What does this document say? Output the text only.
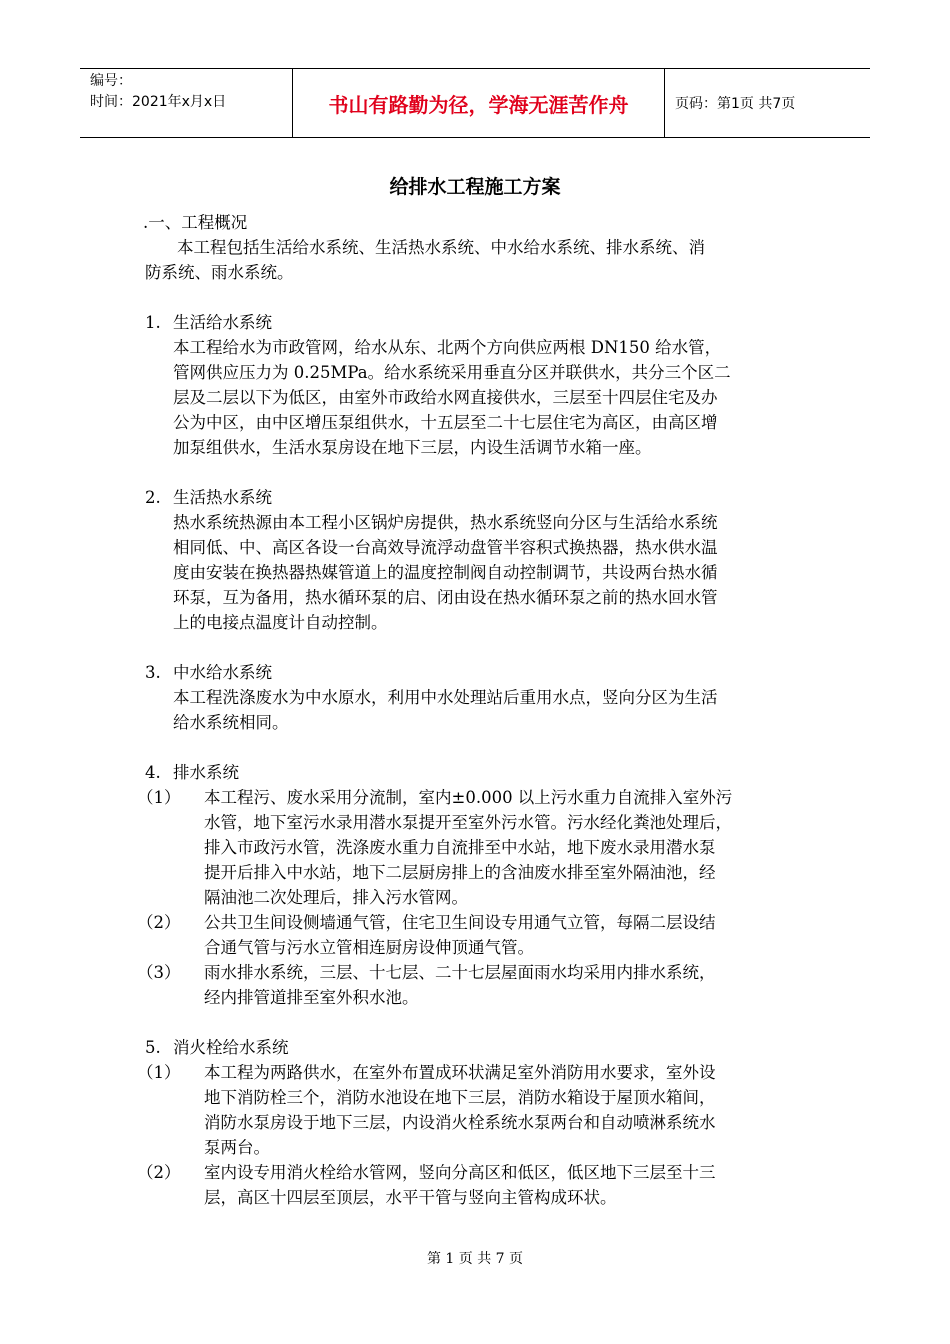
编号：
时间：2021年x月x日	书山有路勤为径，学海无涯苦作舟	页码：第1页 共7页
给排水工程施工方案
.一、工程概况
本工程包括生活给水系统、生活热水系统、中水给水系统、排水系统、消
防系统、雨水系统。
1. 生活给水系统
本工程给水为市政管网，给水从东、北两个方向供应两根 DN150 给水管，
管网供应压力为 0.25MPa。给水系统采用垂直分区并联供水，共分三个区二
层及二层以下为低区，由室外市政给水网直接供水，三层至十四层住宅及办
公为中区，由中区增压泵组供水，十五层至二十七层住宅为高区，由高区增
加泵组供水，生活水泵房设在地下三层，内设生活调节水箱一座。
2. 生活热水系统
热水系统热源由本工程小区锅炉房提供，热水系统竖向分区与生活给水系统
相同低、中、高区各设一台高效导流浮动盘管半容积式换热器，热水供水温
度由安装在换热器热媒管道上的温度控制阀自动控制调节，共设两台热水循
环泵，互为备用，热水循环泵的启、闭由设在热水循环泵之前的热水回水管
上的电接点温度计自动控制。
3. 中水给水系统
本工程洗涤废水为中水原水，利用中水处理站后重用水点，竖向分区为生活
给水系统相同。
4. 排水系统
（1）	本工程污、废水采用分流制，室内±0.000 以上污水重力自流排入室外污
水管，地下室污水录用潜水泵提开至室外污水管。污水经化粪池处理后，
排入市政污水管，洗涤废水重力自流排至中水站，地下废水录用潜水泵
提开后排入中水站，地下二层厨房排上的含油废水排至室外隔油池，经
隔油池二次处理后，排入污水管网。
（2）	公共卫生间设侧墙通气管，住宅卫生间设专用通气立管，每隔二层设结
合通气管与污水立管相连厨房设伸顶通气管。
（3）	雨水排水系统，三层、十七层、二十七层屋面雨水均采用内排水系统，
经内排管道排至室外积水池。
5. 消火栓给水系统
（1）	本工程为两路供水，在室外布置成环状满足室外消防用水要求，室外设
地下消防栓三个，消防水池设在地下三层，消防水箱设于屋顶水箱间，
消防水泵房设于地下三层，内设消火栓系统水泵两台和自动喷淋系统水
泵两台。
（2）	室内设专用消火栓给水管网，竖向分高区和低区，低区地下三层至十三
层，高区十四层至顶层，水平干管与竖向主管构成环状。
第 1 页 共 7 页
